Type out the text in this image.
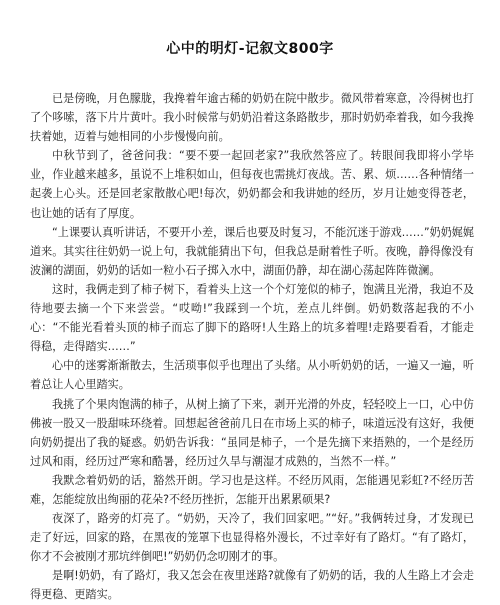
心中的明灯-记叙文800字

已是傍晚，月色朦胧，我搀着年逾古稀的奶奶在院中散步。微风带着寒意，冷得树也打了个哆嗦，落下片片黄叶。我小时候常与奶奶沿着这条路散步，那时奶奶牵着我，如今我搀扶着她，迈着与她相同的小步慢慢向前。

中秋节到了，爸爸问我：“要不要一起回老家?”我欣然答应了。转眼间我即将小学毕业，作业越来越多，虽说不上堆积如山，但每夜也需挑灯夜战。苦、累、烦……各种情绪一起袭上心头。还是回老家散散心吧!每次，奶奶都会和我讲她的经历，岁月让她变得苍老，也让她的话有了厚度。

“上课要认真听讲话，不要开小差，课后也要及时复习，不能沉迷于游戏……”奶奶娓娓道来。其实往往奶奶一说上句，我就能猜出下句，但我总是耐着性子听。夜晚，静得像没有波澜的湖面，奶奶的话如一粒小石子掷入水中，湖面仍静，却在湖心荡起阵阵微澜。

这时，我俩走到了柿子树下，看着头上这一个个灯笼似的柿子，饱满且光滑，我迫不及待地要去摘一个下来尝尝。“哎呦!”我踩到一个坑，差点儿绊倒。奶奶数落起我的不小心：“不能光看着头顶的柿子而忘了脚下的路呀!人生路上的坑多着哩!走路要看看，才能走得稳，走得踏实……”

心中的迷雾渐渐散去，生活琐事似乎也理出了头绪。从小听奶奶的话，一遍又一遍，听着总让人心里踏实。

我挑了个果肉饱满的柿子，从树上摘了下来，剥开光滑的外皮，轻轻咬上一口，心中仿佛被一股又一股甜味环绕着。回想起爸爸前几日在市场上买的柿子，味道远没有这好，我便向奶奶提出了我的疑惑。奶奶告诉我：“虽同是柿子，一个是先摘下来捂熟的，一个是经历过风和雨，经历过严寒和酷暑，经历过久旱与潮湿才成熟的，当然不一样。”

我默念着奶奶的话，豁然开朗。学习也是这样。不经历风雨，怎能遇见彩虹?不经历苦难，怎能绽放出绚丽的花朵?不经历挫折，怎能开出累累硕果?

夜深了，路旁的灯亮了。“奶奶，天冷了，我们回家吧。”“好。”我俩转过身，才发现已走了好远，回家的路，在黑夜的笼罩下也显得格外漫长，不过幸好有了路灯。“有了路灯，你才不会被刚才那坑绊倒吧!”奶奶仍念叨刚才的事。

是啊!奶奶，有了路灯，我又怎会在夜里迷路?就像有了奶奶的话，我的人生路上才会走得更稳、更踏实。
